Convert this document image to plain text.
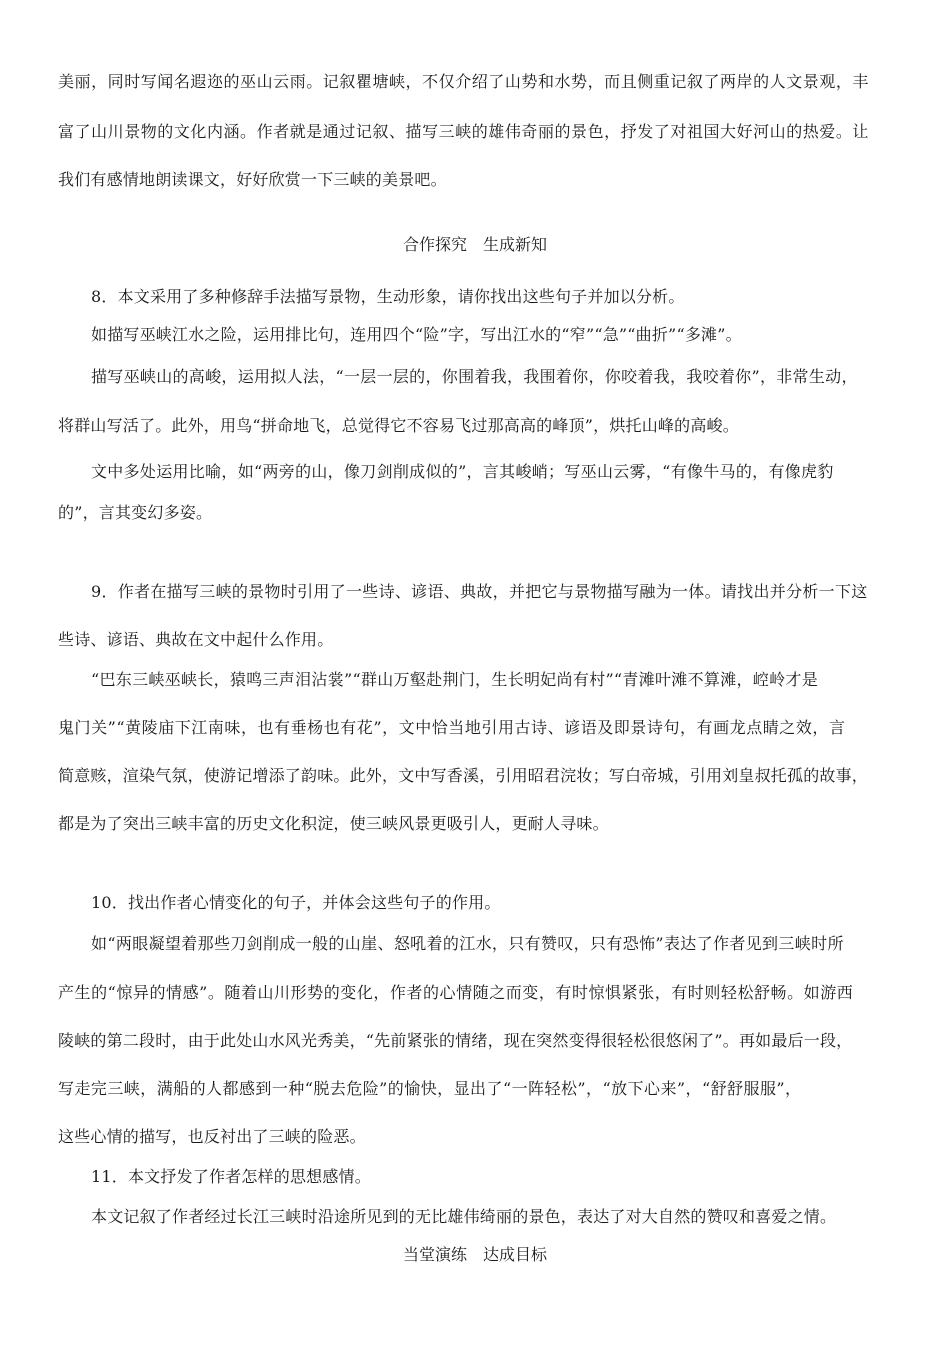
美丽，同时写闻名遐迩的巫山云雨。记叙瞿塘峡，不仅介绍了山势和水势，而且侧重记叙了两岸的人文景观，丰
富了山川景物的文化内涵。作者就是通过记叙、描写三峡的雄伟奇丽的景色，抒发了对祖国大好河山的热爱。让
我们有感情地朗读课文，好好欣赏一下三峡的美景吧。
合作探究　生成新知
8．本文采用了多种修辞手法描写景物，生动形象，请你找出这些句子并加以分析。
如描写巫峡江水之险，运用排比句，连用四个“险”字，写出江水的“窄”“急”“曲折”“多滩”。
描写巫峡山的高峻，运用拟人法，“一层一层的，你围着我，我围着你，你咬着我，我咬着你”，非常生动，
将群山写活了。此外，用鸟“拼命地飞，总觉得它不容易飞过那高高的峰顶”，烘托山峰的高峻。
文中多处运用比喻，如“两旁的山，像刀剑削成似的”，言其峻峭；写巫山云雾，“有像牛马的，有像虎豹
的”，言其变幻多姿。
9．作者在描写三峡的景物时引用了一些诗、谚语、典故，并把它与景物描写融为一体。请找出并分析一下这
些诗、谚语、典故在文中起什么作用。
“巴东三峡巫峡长，猿鸣三声泪沾裳”“群山万壑赴荆门，生长明妃尚有村”“青滩叶滩不算滩，崆岭才是
鬼门关”“黄陵庙下江南味，也有垂杨也有花”，文中恰当地引用古诗、谚语及即景诗句，有画龙点睛之效，言
简意赅，渲染气氛，使游记增添了韵味。此外，文中写香溪，引用昭君浣妆；写白帝城，引用刘皇叔托孤的故事，
都是为了突出三峡丰富的历史文化积淀，使三峡风景更吸引人，更耐人寻味。
10．找出作者心情变化的句子，并体会这些句子的作用。
如“两眼凝望着那些刀剑削成一般的山崖、怒吼着的江水，只有赞叹，只有恐怖”表达了作者见到三峡时所
产生的“惊异的情感”。随着山川形势的变化，作者的心情随之而变，有时惊惧紧张，有时则轻松舒畅。如游西
陵峡的第二段时，由于此处山水风光秀美，“先前紧张的情绪，现在突然变得很轻松很悠闲了”。再如最后一段，
写走完三峡，满船的人都感到一种“脱去危险”的愉快，显出了“一阵轻松”，“放下心来”，“舒舒服服”，
这些心情的描写，也反衬出了三峡的险恶。
11．本文抒发了作者怎样的思想感情。
本文记叙了作者经过长江三峡时沿途所见到的无比雄伟绮丽的景色，表达了对大自然的赞叹和喜爱之情。
当堂演练　达成目标
